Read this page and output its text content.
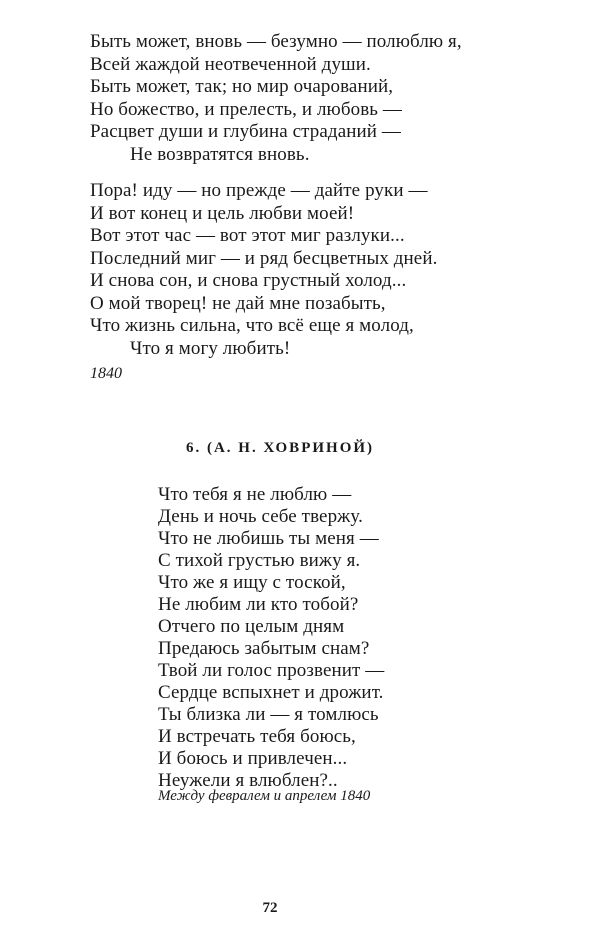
Быть может, вновь — безумно — полюблю я,
Всей жаждой неотвеченной души.
Быть может, так; но мир очарований,
Но божество, и прелесть, и любовь —
Расцвет души и глубина страданий —
Не возвратятся вновь.
Пора! иду — но прежде — дайте руки —
И вот конец и цель любви моей!
Вот этот час — вот этот миг разлуки...
Последний миг — и ряд бесцветных дней.
И снова сон, и снова грустный холод...
О мой творец! не дай мне позабыть,
Что жизнь сильна, что всё еще я молод,
Что я могу любить!
1840
6. (А. Н. ХОВРИНОЙ)
Что тебя я не люблю —
День и ночь себе твержу.
Что не любишь ты меня —
С тихой грустью вижу я.
Что же я ищу с тоской,
Не любим ли кто тобой?
Отчего по целым дням
Предаюсь забытым снам?
Твой ли голос прозвенит —
Сердце вспыхнет и дрожит.
Ты близка ли — я томлюсь
И встречать тебя боюсь,
И боюсь и привлечен...
Неужели я влюблен?..
Между февралем и апрелем 1840
72
